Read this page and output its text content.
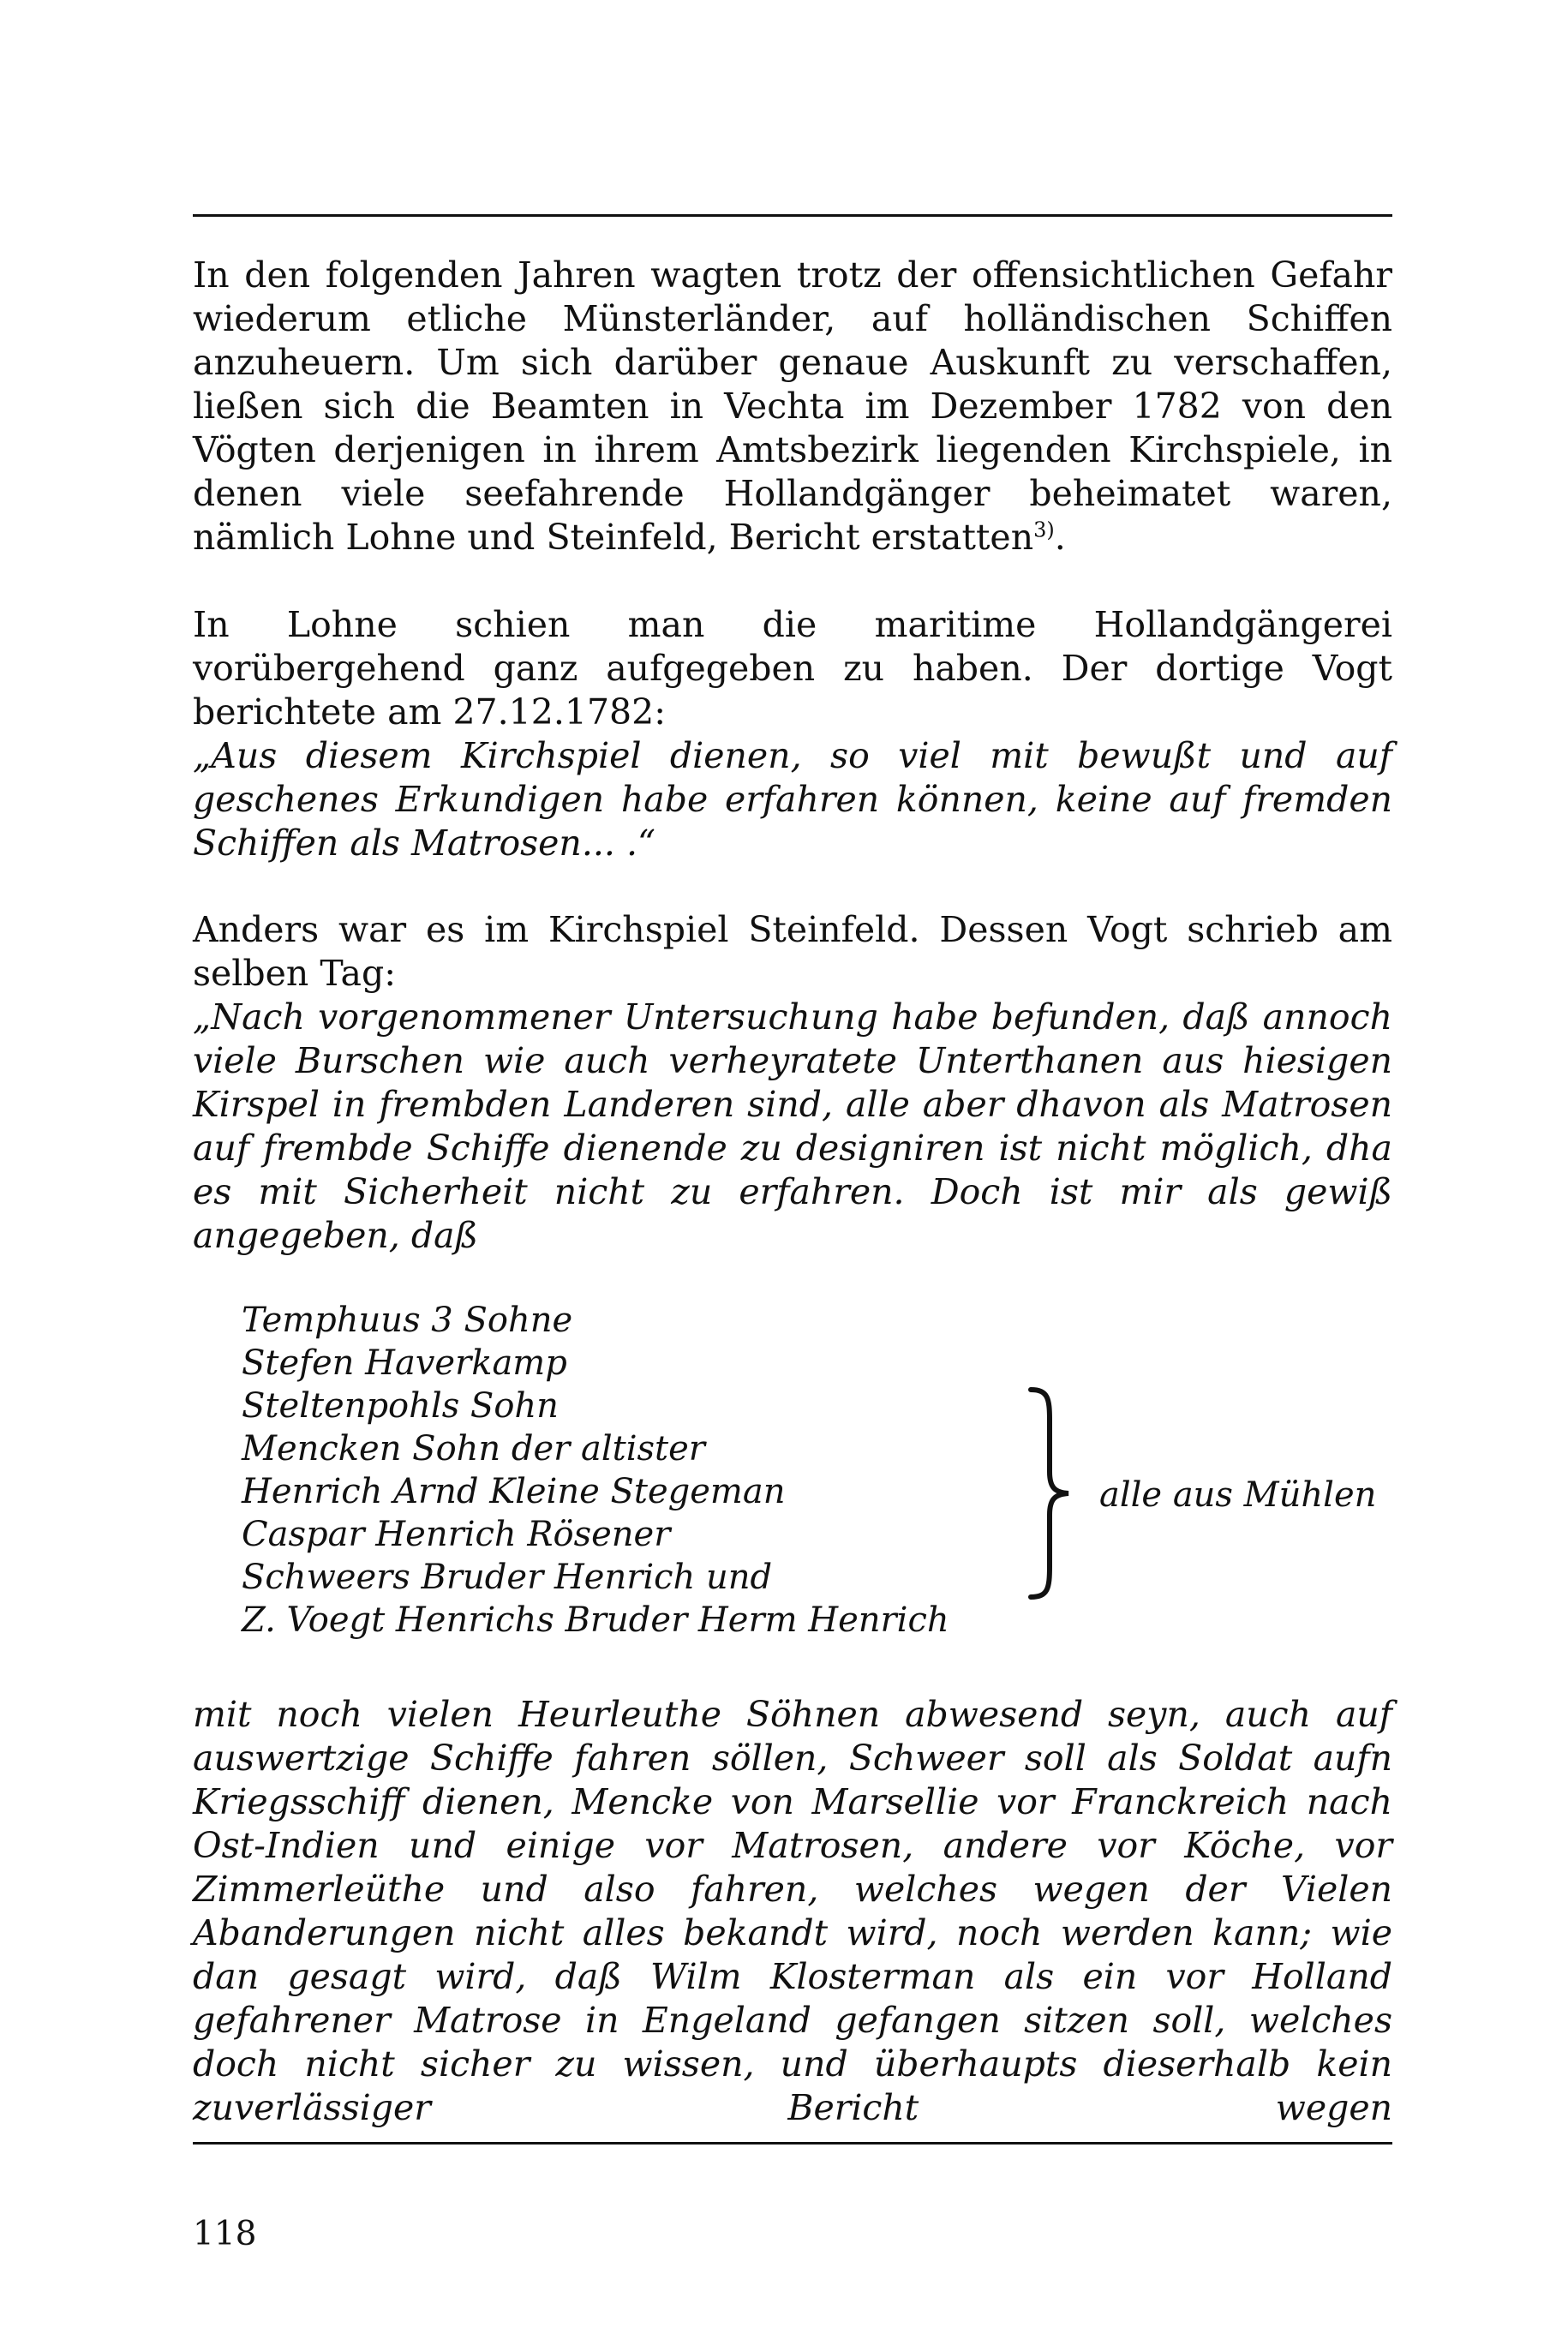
In den folgenden Jahren wagten trotz der offensichtlichen Gefahr wiederum etliche Münsterländer, auf holländischen Schiffen anzuheuern. Um sich darüber genaue Auskunft zu verschaffen, ließen sich die Beamten in Vechta im Dezember 1782 von den Vögten derjenigen in ihrem Amtsbezirk liegenden Kirchspiele, in denen viele seefahrende Hollandgänger beheimatet waren, nämlich Lohne und Steinfeld, Bericht erstatten$^{3)}$.

In Lohne schien man die maritime Hollandgängerei vorübergehend ganz aufgegeben zu haben. Der dortige Vogt berichtete am 27.12.1782:

„Aus diesem Kirchspiel dienen, so viel mit bewußt und auf geschenes Erkundigen habe erfahren können, keine auf fremden Schiffen als Matrosen... .“

Anders war es im Kirchspiel Steinfeld. Dessen Vogt schrieb am selben Tag:

„Nach vorgenommener Untersuchung habe befunden, daß annoch viele Burschen wie auch verheyratete Unterthanen aus hiesigen Kirspel in frembden Landeren sind, alle aber dhavon als Matrosen auf frembde Schiffe dienende zu designiren ist nicht möglich, dha es mit Sicherheit nicht zu erfahren. Doch ist mir als gewiß angegeben, daß

Temphuus 3 Sohne
Stefen Haverkamp
Steltenpohls Sohn
Mencken Sohn der altister
Henrich Arnd Kleine Stegeman
Caspar Henrich Rösener
Schweers Bruder Henrich und
Z. Voegt Henrichs Bruder Herm Henrich
alle aus Mühlen

mit noch vielen Heurleuthe Söhnen abwesend seyn, auch auf auswertzige Schiffe fahren söllen, Schweer soll als Soldat aufn Kriegsschiff dienen, Mencke von Marsellie vor Franckreich nach Ost-Indien und einige vor Matrosen, andere vor Köche, vor Zimmerleüthe und also fahren, welches wegen der Vielen Abanderungen nicht alles bekandt wird, noch werden kann; wie dan gesagt wird, daß Wilm Klosterman als ein vor Holland gefahrener Matrose in Engeland gefangen sitzen soll, welches doch nicht sicher zu wissen, und überhaupts dieserhalb kein zuverlässiger Bericht wegen

118
